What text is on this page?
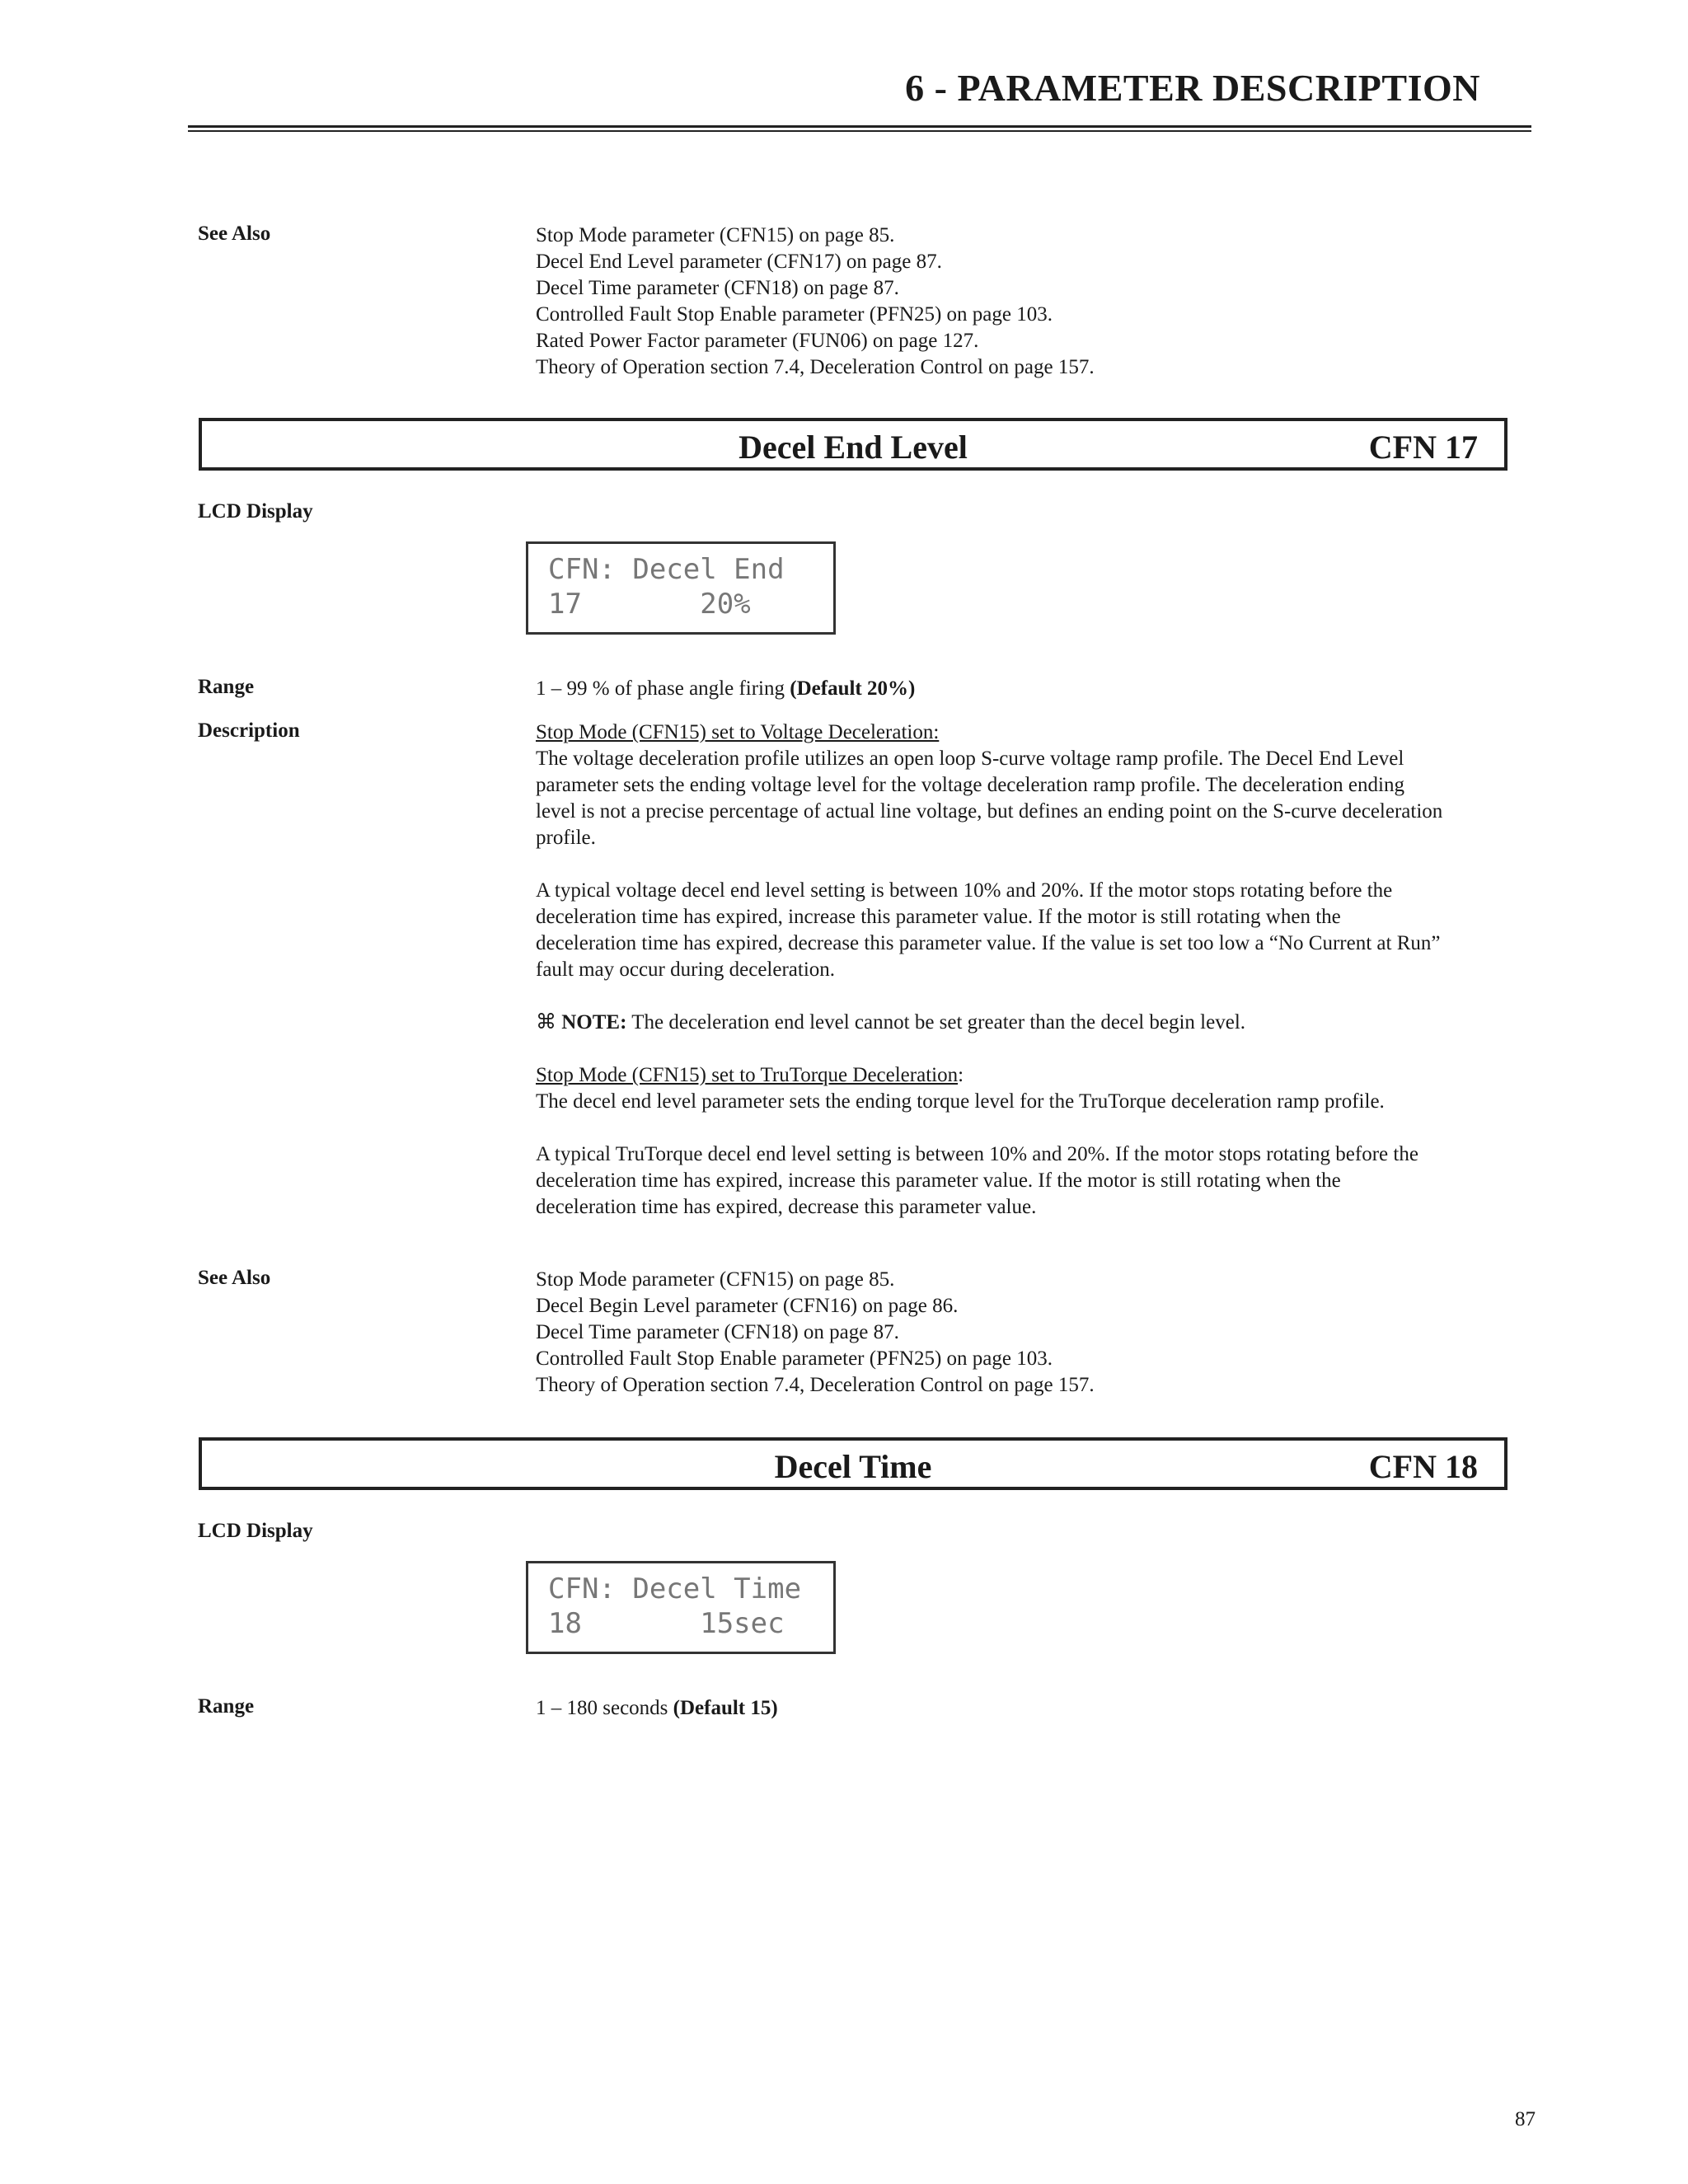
6 - PARAMETER DESCRIPTION
See Also	Stop Mode parameter (CFN15) on page 85.
Decel End Level parameter (CFN17) on page 87.
Decel Time parameter (CFN18) on page 87.
Controlled Fault Stop Enable parameter (PFN25) on page 103.
Rated Power Factor parameter (FUN06) on page 127.
Theory of Operation section 7.4, Deceleration Control on page 157.
Decel End Level	CFN 17
LCD Display
CFN: Decel End
17       20%
Range	1 – 99 % of phase angle firing (Default 20%)
Description	Stop Mode (CFN15) set to Voltage Deceleration:
The voltage deceleration profile utilizes an open loop S-curve voltage ramp profile. The Decel End Level
parameter sets the ending voltage level for the voltage deceleration ramp profile. The deceleration ending
level is not a precise percentage of actual line voltage, but defines an ending point on the S-curve deceleration
profile.
A typical voltage decel end level setting is between 10% and 20%. If the motor stops rotating before the
deceleration time has expired, increase this parameter value. If the motor is still rotating when the
deceleration time has expired, decrease this parameter value. If the value is set too low a “No Current at Run”
fault may occur during deceleration.
⌘ NOTE: The deceleration end level cannot be set greater than the decel begin level.
Stop Mode (CFN15) set to TruTorque Deceleration:
The decel end level parameter sets the ending torque level for the TruTorque deceleration ramp profile.
A typical TruTorque decel end level setting is between 10% and 20%. If the motor stops rotating before the
deceleration time has expired, increase this parameter value. If the motor is still rotating when the
deceleration time has expired, decrease this parameter value.
See Also	Stop Mode parameter (CFN15) on page 85.
Decel Begin Level parameter (CFN16) on page 86.
Decel Time parameter (CFN18) on page 87.
Controlled Fault Stop Enable parameter (PFN25) on page 103.
Theory of Operation section 7.4, Deceleration Control on page 157.
Decel Time	CFN 18
LCD Display
CFN: Decel Time
18       15sec
Range	1 – 180 seconds (Default 15)
87
